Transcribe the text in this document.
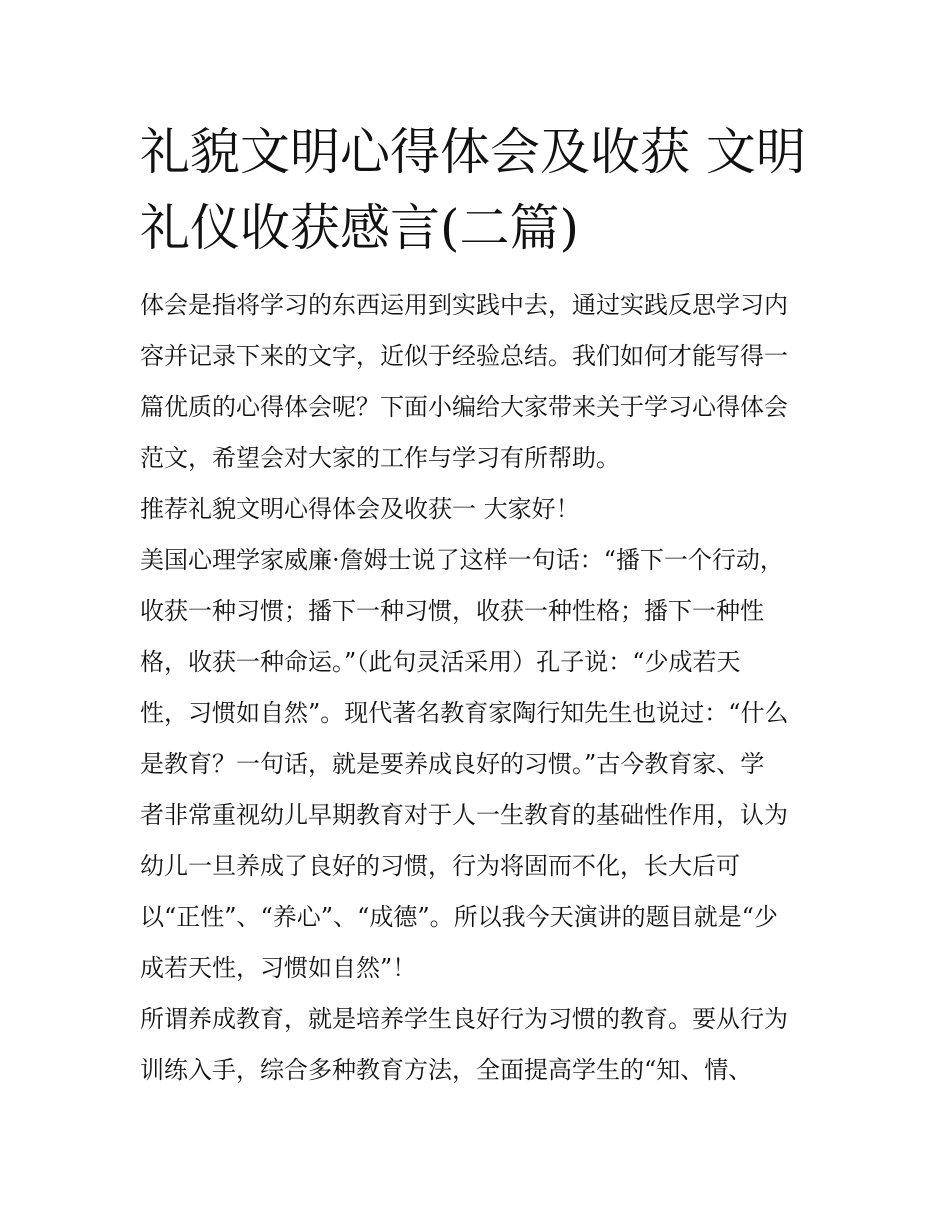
礼貌文明心得体会及收获 文明
礼仪收获感言(二篇)
体会是指将学习的东西运用到实践中去，通过实践反思学习内
容并记录下来的文字，近似于经验总结。我们如何才能写得一
篇优质的心得体会呢？下面小编给大家带来关于学习心得体会
范文，希望会对大家的工作与学习有所帮助。
推荐礼貌文明心得体会及收获一 大家好！
美国心理学家威廉·詹姆士说了这样一句话：“播下一个行动，
收获一种习惯；播下一种习惯，收获一种性格；播下一种性
格，收获一种命运。”（此句灵活采用）孔子说：“少成若天
性，习惯如自然”。现代著名教育家陶行知先生也说过：“什么
是教育？一句话，就是要养成良好的习惯。”古今教育家、学
者非常重视幼儿早期教育对于人一生教育的基础性作用，认为
幼儿一旦养成了良好的习惯，行为将固而不化，长大后可
以“正性”、“养心”、“成德”。所以我今天演讲的题目就是“少
成若天性，习惯如自然”！
所谓养成教育，就是培养学生良好行为习惯的教育。要从行为
训练入手，综合多种教育方法，全面提高学生的“知、情、
